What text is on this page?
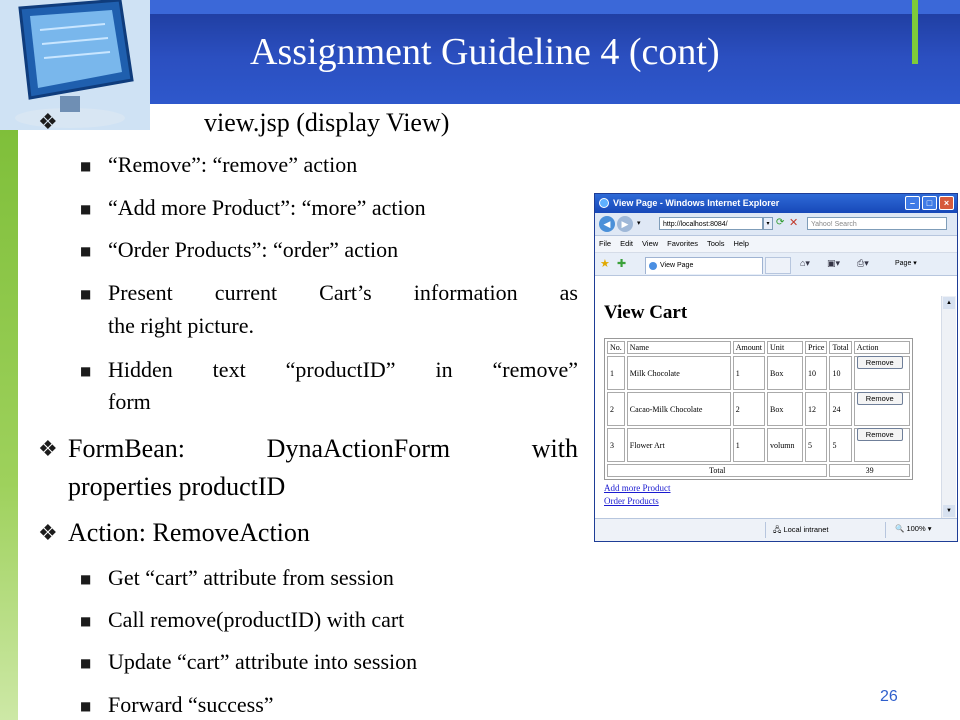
Assignment Guideline 4 (cont)
❖	view.jsp (display View)
■ “Remove”: “remove” action
■ “Add more Product”: “more” action
■ “Order Products”: “order” action
■ Present current Cart’s information as
the right picture.
■ Hidden text “productID” in “remove”
form
❖ FormBean: DynaActionForm with
properties productID
❖ Action: RemoveAction
■ Get “cart” attribute from session
■ Call remove(productID) with cart
■ Update “cart” attribute into session
■ Forward “success”	26
View Page - Windows Internet Explorer	–	□	×
◀	▶	▾	http://localhost:8084/	▾ ⟳ ✕	Yahoo! Search
File Edit View Favorites Tools Help
★ ✚	View Page	⌂▾ ▣▾ ⎙▾	Page ▾
View Cart
No.	Name	Amount	Unit	Price	Total	Action
1	Milk Chocolate	1	Box	10	10	Remove
2	Cacao-Milk Chocolate	2	Box	12	24	Remove
3	Flower Art	1	volumn	5	5	Remove
Total					39	
Add more Product
Order Products
▲
▼
🖧 Local intranet	🔍 100% ▾
